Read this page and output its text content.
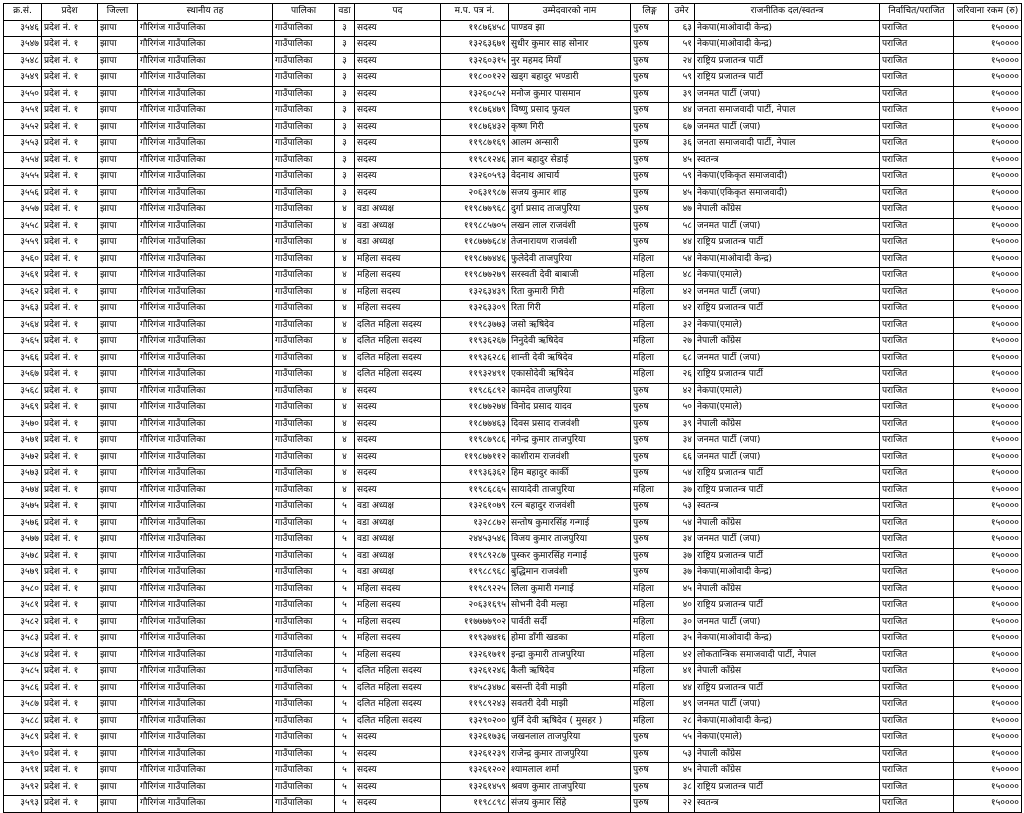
क्र.सं.	प्रदेश	जिल्ला	स्थानीय तह	पालिका	वडा	पद	म.प. पत्र नं.	उम्मेदवारको नाम	लिङ्ग	उमेर	राजनीतिक दल/स्वतन्त्र	निर्वाचित/पराजित	जरिवाना रकम (रु)
३५४६	प्रदेश नं. १	झापा	गौरिगंज गाउँपालिका	गाउँपालिका	३	सदस्य	११८७६४५८	पाण्डव झा	पुरुष	६३	नेकपा(माओवादी केन्द्र)	पराजित	१५००००
३५४७	प्रदेश नं. १	झापा	गौरिगंज गाउँपालिका	गाउँपालिका	३	सदस्य	१३२६३६७१	सुधीर कुमार साह सोनार	पुरुष	५१	नेकपा(माओवादी केन्द्र)	पराजित	१५००००
३५४८	प्रदेश नं. १	झापा	गौरिगंज गाउँपालिका	गाउँपालिका	३	सदस्य	१३२६०३१५	नुर महमद मियाँ	पुरुष	२४	राष्ट्रिय प्रजातन्त्र पार्टी	पराजित	१५००००
३५४९	प्रदेश नं. १	झापा	गौरिगंज गाउँपालिका	गाउँपालिका	३	सदस्य	११८००१२२	खड्ग बहादुर भण्डारी	पुरुष	५९	राष्ट्रिय प्रजातन्त्र पार्टी	पराजित	१५००००
३५५०	प्रदेश नं. १	झापा	गौरिगंज गाउँपालिका	गाउँपालिका	३	सदस्य	१३२६०८५२	मनोज कुमार पासमान	पुरुष	३९	जनमत पार्टी (जपा)	पराजित	१५००००
३५५१	प्रदेश नं. १	झापा	गौरिगंज गाउँपालिका	गाउँपालिका	३	सदस्य	११८७६४७९	विष्णु प्रसाद फुयल	पुरुष	४४	जनता समाजवादी पार्टी, नेपाल	पराजित	१५००००
३५५२	प्रदेश नं. १	झापा	गौरिगंज गाउँपालिका	गाउँपालिका	३	सदस्य	११८७६४३२	कृष्ण गिरी	पुरुष	६७	जनमत पार्टी (जपा)	पराजित	१५००००
३५५३	प्रदेश नं. १	झापा	गौरिगंज गाउँपालिका	गाउँपालिका	३	सदस्य	११९८७१६९	आलम अन्सारी	पुरुष	३६	जनता समाजवादी पार्टी, नेपाल	पराजित	१५००००
३५५४	प्रदेश नं. १	झापा	गौरिगंज गाउँपालिका	गाउँपालिका	३	सदस्य	११९८१२४६	ज्ञान बहादुर सेडाई	पुरुष	४५	स्वतन्त्र	पराजित	१५००००
३५५५	प्रदेश नं. १	झापा	गौरिगंज गाउँपालिका	गाउँपालिका	३	सदस्य	१३२६०५९३	वेदनाथ आचार्य	पुरुष	५९	नेकपा(एकिकृत समाजवादी)	पराजित	१५००००
३५५६	प्रदेश नं. १	झापा	गौरिगंज गाउँपालिका	गाउँपालिका	३	सदस्य	२०६३१९८७	सजय कुमार शाह	पुरुष	४५	नेकपा(एकिकृत समाजवादी)	पराजित	१५००००
३५५७	प्रदेश नं. १	झापा	गौरिगंज गाउँपालिका	गाउँपालिका	४	वडा अध्यक्ष	११९८७७९६८	दुर्गा प्रसाद ताजपुरिया	पुरुष	४७	नेपाली काँग्रेस	पराजित	१५००००
३५५८	प्रदेश नं. १	झापा	गौरिगंज गाउँपालिका	गाउँपालिका	४	वडा अध्यक्ष	११९८८५७०५	लखन लाल राजवंशी	पुरुष	५८	जनमत पार्टी (जपा)	पराजित	१५००००
३५५९	प्रदेश नं. १	झापा	गौरिगंज गाउँपालिका	गाउँपालिका	४	वडा अध्यक्ष	११८७७७६८४	तेजनारायण राजवंशी	पुरुष	४४	राष्ट्रिय प्रजातन्त्र पार्टी	पराजित	१५००००
३५६०	प्रदेश नं. १	झापा	गौरिगंज गाउँपालिका	गाउँपालिका	४	महिला सदस्य	११९८७७४४६	फुलेदेवी ताजपुरिया	महिला	५४	नेकपा(माओवादी केन्द्र)	पराजित	१५००००
३५६१	प्रदेश नं. १	झापा	गौरिगंज गाउँपालिका	गाउँपालिका	४	महिला सदस्य	११९८७७२७९	सरस्वती देवी बाबाजी	महिला	४८	नेकपा(एमाले)	पराजित	१५००००
३५६२	प्रदेश नं. १	झापा	गौरिगंज गाउँपालिका	गाउँपालिका	४	महिला सदस्य	१३२६३४३९	रिता कुमारी गिरी	महिला	४२	जनमत पार्टी (जपा)	पराजित	१५००००
३५६३	प्रदेश नं. १	झापा	गौरिगंज गाउँपालिका	गाउँपालिका	४	महिला सदस्य	१३२६३३०९	रिता गिरी	महिला	४२	राष्ट्रिय प्रजातन्त्र पार्टी	पराजित	१५००००
३५६४	प्रदेश नं. १	झापा	गौरिगंज गाउँपालिका	गाउँपालिका	४	दलित महिला सदस्य	११९८३७७३	जसो ऋषिदेव	महिला	३२	नेकपा(एमाले)	पराजित	१५००००
३५६५	प्रदेश नं. १	झापा	गौरिगंज गाउँपालिका	गाउँपालिका	४	दलित महिला सदस्य	११९३६२६७	निनुदेवी ऋषिदेव	महिला	२७	नेपाली काँग्रेस	पराजित	१५००००
३५६६	प्रदेश नं. १	झापा	गौरिगंज गाउँपालिका	गाउँपालिका	४	दलित महिला सदस्य	११९३६२८६	शान्ती देवी ऋषिदेव	महिला	६८	जनमत पार्टी (जपा)	पराजित	१५००००
३५६७	प्रदेश नं. १	झापा	गौरिगंज गाउँपालिका	गाउँपालिका	४	दलित महिला सदस्य	११९३२४९१	एकासोदेवी ऋषिदेव	महिला	२६	राष्ट्रिय प्रजातन्त्र पार्टी	पराजित	१५००००
३५६८	प्रदेश नं. १	झापा	गौरिगंज गाउँपालिका	गाउँपालिका	४	सदस्य	११९८६८९२	कामदेव ताजपुरिया	पुरुष	४२	नेकपा(एमाले)	पराजित	१५००००
३५६९	प्रदेश नं. १	झापा	गौरिगंज गाउँपालिका	गाउँपालिका	४	सदस्य	११८७७२७४	विनोद प्रसाद यादव	पुरुष	५०	नेकपा(एमाले)	पराजित	१५००००
३५७०	प्रदेश नं. १	झापा	गौरिगंज गाउँपालिका	गाउँपालिका	४	सदस्य	११८७७४६३	दिवस प्रसाद राजवंशी	पुरुष	३९	नेपाली काँग्रेस	पराजित	१५००००
३५७१	प्रदेश नं. १	झापा	गौरिगंज गाउँपालिका	गाउँपालिका	४	सदस्य	११९८७९८६	नगेन्द्र कुमार ताजपुरिया	पुरुष	३४	जनमत पार्टी (जपा)	पराजित	१५००००
३५७२	प्रदेश नं. १	झापा	गौरिगंज गाउँपालिका	गाउँपालिका	४	सदस्य	११९८७७११२	काशीराम राजवंशी	पुरुष	६६	जनमत पार्टी (जपा)	पराजित	१५००००
३५७३	प्रदेश नं. १	झापा	गौरिगंज गाउँपालिका	गाउँपालिका	४	सदस्य	११९३६३६२	हिम बहादुर कार्की	पुरुष	५४	राष्ट्रिय प्रजातन्त्र पार्टी	पराजित	१५००००
३५७४	प्रदेश नं. १	झापा	गौरिगंज गाउँपालिका	गाउँपालिका	४	सदस्य	११९८६८६५	सायादेवी ताजपुरिया	महिला	३७	राष्ट्रिय प्रजातन्त्र पार्टी	पराजित	१५००००
३५७५	प्रदेश नं. १	झापा	गौरिगंज गाउँपालिका	गाउँपालिका	५	वडा अध्यक्ष	१३२६१०७९	रत्न बहादुर राजवंशी	पुरुष	५३	स्वतन्त्र	पराजित	१५००००
३५७६	प्रदेश नं. १	झापा	गौरिगंज गाउँपालिका	गाउँपालिका	५	वडा अध्यक्ष	१३२८८७२	सन्तोष कुमारसिंह गन्गाई	पुरुष	५४	नेपाली काँग्रेस	पराजित	१५००००
३५७७	प्रदेश नं. १	झापा	गौरिगंज गाउँपालिका	गाउँपालिका	५	वडा अध्यक्ष	२४४५३५४६	विजय कुमार ताजपुरिया	पुरुष	३४	जनमत पार्टी (जपा)	पराजित	१५००००
३५७८	प्रदेश नं. १	झापा	गौरिगंज गाउँपालिका	गाउँपालिका	५	वडा अध्यक्ष	११९८९२८७	पुस्कर कुमारसिंह गन्गाई	पुरुष	३७	राष्ट्रिय प्रजातन्त्र पार्टी	पराजित	१५००००
३५७९	प्रदेश नं. १	झापा	गौरिगंज गाउँपालिका	गाउँपालिका	५	वडा अध्यक्ष	११९८८९६८	बुद्धिमान राजवंशी	पुरुष	३७	नेकपा(माओवादी केन्द्र)	पराजित	१५००००
३५८०	प्रदेश नं. १	झापा	गौरिगंज गाउँपालिका	गाउँपालिका	५	महिला सदस्य	११९८९२२५	लिला कुमारी गन्गाई	महिला	४५	नेपाली काँग्रेस	पराजित	१५००००
३५८१	प्रदेश नं. १	झापा	गौरिगंज गाउँपालिका	गाउँपालिका	५	महिला सदस्य	२०६३१६९५	सोभनी देवी मल्हा	महिला	४०	राष्ट्रिय प्रजातन्त्र पार्टी	पराजित	१५००००
३५८२	प्रदेश नं. १	झापा	गौरिगंज गाउँपालिका	गाउँपालिका	५	महिला सदस्य	११७७७७९०२	पार्वती सर्दी	महिला	३०	जनमत पार्टी (जपा)	पराजित	१५००००
३५८३	प्रदेश नं. १	झापा	गौरिगंज गाउँपालिका	गाउँपालिका	५	महिला सदस्य	११९३७४१६	होमा डाँगी खडका	महिला	३५	नेकपा(माओवादी केन्द्र)	पराजित	१५००००
३५८४	प्रदेश नं. १	झापा	गौरिगंज गाउँपालिका	गाउँपालिका	५	महिला सदस्य	१३२६१७११	इन्द्रा कुमारी ताजपुरिया	महिला	४२	लोकतान्त्रिक समाजवादी पार्टी, नेपाल	पराजित	१५००००
३५८५	प्रदेश नं. १	झापा	गौरिगंज गाउँपालिका	गाउँपालिका	५	दलित महिला सदस्य	१३२६१२४६	कैली ऋषिदेव	महिला	४१	नेपाली काँग्रेस	पराजित	१५००००
३५८६	प्रदेश नं. १	झापा	गौरिगंज गाउँपालिका	गाउँपालिका	५	दलित महिला सदस्य	१४५८३४७८	बसन्ती देवी माझी	महिला	४४	राष्ट्रिय प्रजातन्त्र पार्टी	पराजित	१५००००
३५८७	प्रदेश नं. १	झापा	गौरिगंज गाउँपालिका	गाउँपालिका	५	दलित महिला सदस्य	११९८९२४३	सवतरी देवी माझी	महिला	४९	जनमत पार्टी (जपा)	पराजित	१५००००
३५८८	प्रदेश नं. १	झापा	गौरिगंज गाउँपालिका	गाउँपालिका	५	दलित महिला सदस्य	१३२९०२००	धुर्नि देवी ऋषिदेव ( मुसहर )	महिला	२८	नेकपा(माओवादी केन्द्र)	पराजित	१५००००
३५८९	प्रदेश नं. १	झापा	गौरिगंज गाउँपालिका	गाउँपालिका	५	सदस्य	१३२६१७३६	जखनलाल ताजपुरिया	पुरुष	५५	नेकपा(एमाले)	पराजित	१५००००
३५९०	प्रदेश नं. १	झापा	गौरिगंज गाउँपालिका	गाउँपालिका	५	सदस्य	१३२६१२३९	राजेन्द्र कुमार ताजपुरिया	पुरुष	५३	नेपाली काँग्रेस	पराजित	१५००००
३५९१	प्रदेश नं. १	झापा	गौरिगंज गाउँपालिका	गाउँपालिका	५	सदस्य	१३२६१२०२	श्यामलाल शर्मा	पुरुष	४५	नेपाली काँग्रेस	पराजित	१५००००
३५९२	प्रदेश नं. १	झापा	गौरिगंज गाउँपालिका	गाउँपालिका	५	सदस्य	१३२६१४५९	श्रवण कुमार ताजपुरिया	पुरुष	३८	राष्ट्रिय प्रजातन्त्र पार्टी	पराजित	१५००००
३५९३	प्रदेश नं. १	झापा	गौरिगंज गाउँपालिका	गाउँपालिका	५	सदस्य	११९८८९८	संजय कुमार सिंहे	पुरुष	२२	स्वतन्त्र	पराजित	१५००००
